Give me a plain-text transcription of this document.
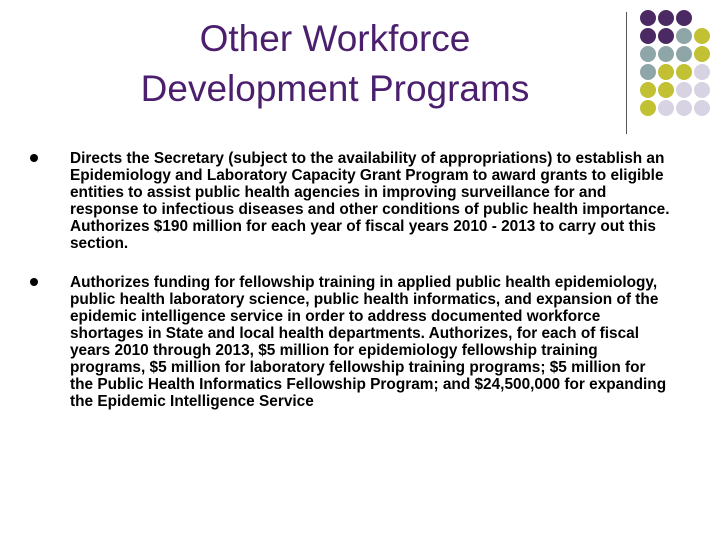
Other Workforce
Development Programs
Directs the Secretary (subject to the availability of appropriations) to establish an Epidemiology and Laboratory Capacity Grant Program to award grants to eligible entities to assist public health agencies in improving surveillance for and response to infectious diseases and other conditions of public health importance. Authorizes $190 million for each year of fiscal years 2010 - 2013 to carry out this section.
Authorizes funding for fellowship training in applied public health epidemiology, public health laboratory science, public health informatics, and expansion of the epidemic intelligence service in order to address documented workforce shortages in State and local health departments. Authorizes, for each of fiscal years 2010 through 2013, $5 million for epidemiology fellowship training programs, $5 million for laboratory fellowship training programs; $5 million for the Public Health Informatics Fellowship Program; and $24,500,000 for expanding the Epidemic Intelligence Service
